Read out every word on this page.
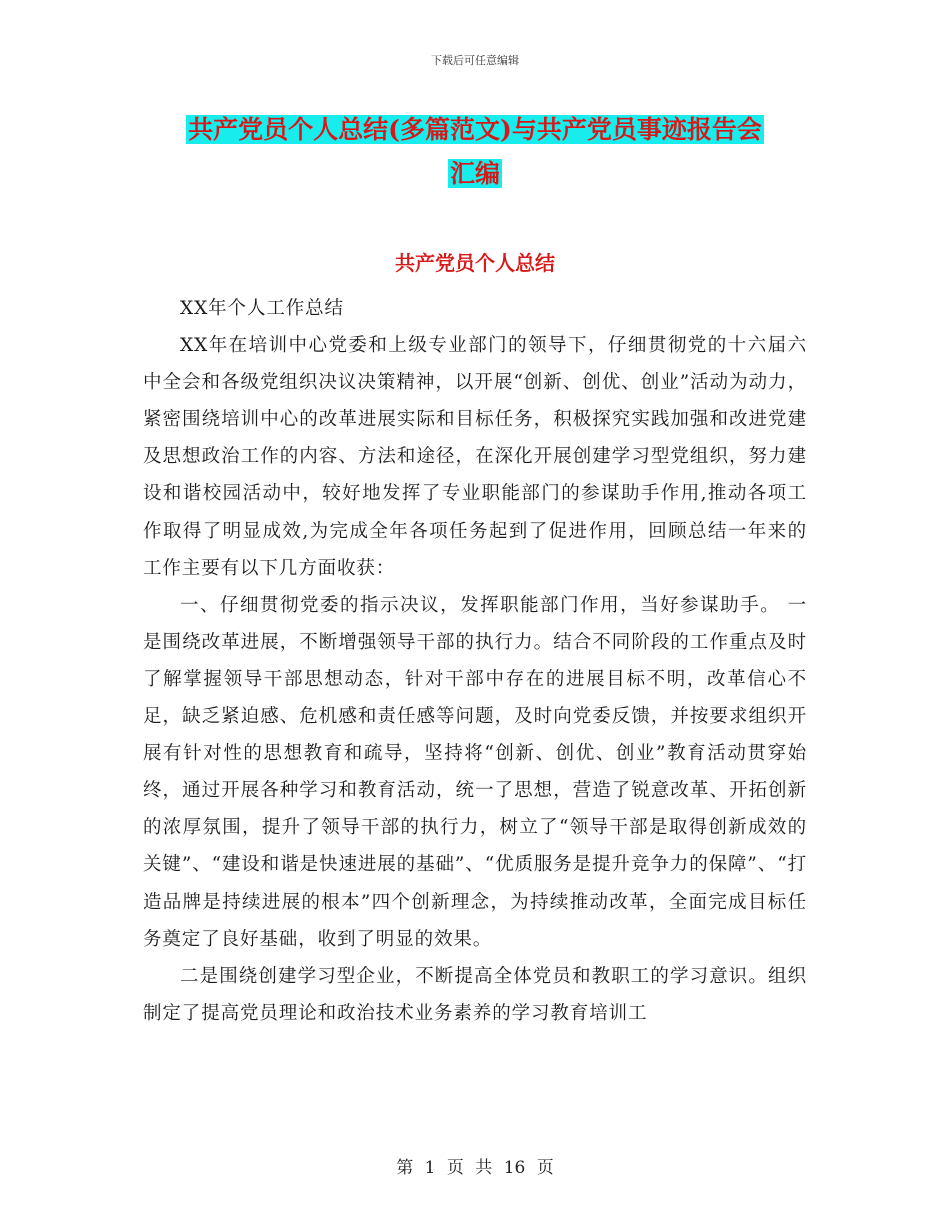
下载后可任意编辑
共产党员个人总结(多篇范文)与共产党员事迹报告会
汇编
共产党员个人总结

XX年个人工作总结

XX年在培训中心党委和上级专业部门的领导下，仔细贯彻党的十六届六中全会和各级党组织决议决策精神，以开展“创新、创优、创业”活动为动力，紧密围绕培训中心的改革进展实际和目标任务，积极探究实践加强和改进党建及思想政治工作的内容、方法和途径，在深化开展创建学习型党组织，努力建设和谐校园活动中，较好地发挥了专业职能部门的参谋助手作用,推动各项工作取得了明显成效,为完成全年各项任务起到了促进作用，回顾总结一年来的工作主要有以下几方面收获：

一、仔细贯彻党委的指示决议，发挥职能部门作用，当好参谋助手。 一是围绕改革进展，不断增强领导干部的执行力。结合不同阶段的工作重点及时了解掌握领导干部思想动态，针对干部中存在的进展目标不明，改革信心不足，缺乏紧迫感、危机感和责任感等问题，及时向党委反馈，并按要求组织开展有针对性的思想教育和疏导，坚持将“创新、创优、创业”教育活动贯穿始终，通过开展各种学习和教育活动，统一了思想，营造了锐意改革、开拓创新的浓厚氛围，提升了领导干部的执行力，树立了“领导干部是取得创新成效的关键”、“建设和谐是快速进展的基础”、“优质服务是提升竞争力的保障”、“打造品牌是持续进展的根本”四个创新理念，为持续推动改革，全面完成目标任务奠定了良好基础，收到了明显的效果。

二是围绕创建学习型企业，不断提高全体党员和教职工的学习意识。组织制定了提高党员理论和政治技术业务素养的学习教育培训工

第 1 页 共 16 页
